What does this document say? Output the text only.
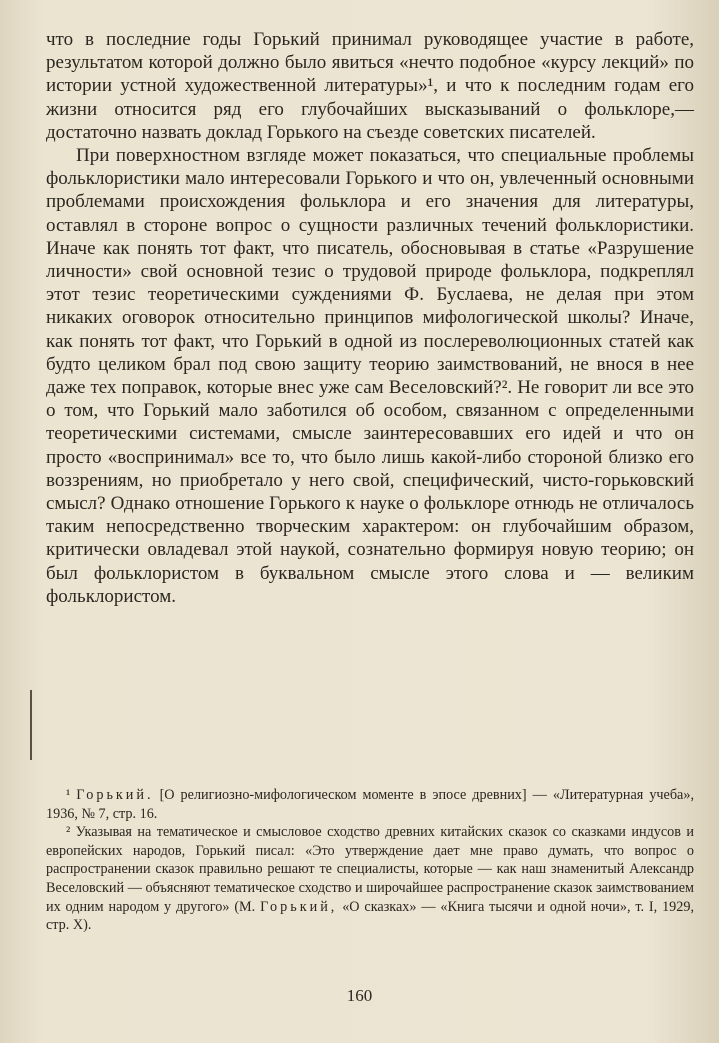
что в последние годы Горький принимал руководящее участие в работе, результатом которой должно было явиться «нечто подобное «курсу лекций» по истории устной художественной литературы»¹, и что к последним годам его жизни относится ряд его глубочайших высказываний о фольклоре,— достаточно назвать доклад Горького на съезде советских писателей.

При поверхностном взгляде может показаться, что специальные проблемы фольклористики мало интересовали Горького и что он, увлеченный основными проблемами происхождения фольклора и его значения для литературы, оставлял в стороне вопрос о сущности различных течений фольклористики. Иначе как понять тот факт, что писатель, обосновывая в статье «Разрушение личности» свой основной тезис о трудовой природе фольклора, подкреплял этот тезис теоретическими суждениями Ф. Буслаева, не делая при этом никаких оговорок относительно принципов мифологической школы? Иначе, как понять тот факт, что Горький в одной из послереволюционных статей как будто целиком брал под свою защиту теорию заимствований, не внося в нее даже тех поправок, которые внес уже сам Веселовский?². Не говорит ли все это о том, что Горький мало заботился об особом, связанном с определенными теоретическими системами, смысле заинтересовавших его идей и что он просто «воспринимал» все то, что было лишь какой-либо стороной близко его воззрениям, но приобретало у него свой, специфический, чисто-горьковский смысл? Однако отношение Горького к науке о фольклоре отнюдь не отличалось таким непосредственно творческим характером: он глубочайшим образом, критически овладевал этой наукой, сознательно формируя новую теорию; он был фольклористом в буквальном смысле этого слова и — великим фольклористом.

¹ Горький. [О религиозно-мифологическом моменте в эпосе древних] — «Литературная учеба», 1936, № 7, стр. 16.

² Указывая на тематическое и смысловое сходство древних китайских сказок со сказками индусов и европейских народов, Горький писал: «Это утверждение дает мне право думать, что вопрос о распространении сказок правильно решают те специалисты, которые — как наш знаменитый Александр Веселовский — объясняют тематическое сходство и широчайшее распространение сказок заимствованием их одним народом у другого» (М. Горький, «О сказках» — «Книга тысячи и одной ночи», т. I, 1929, стр. X).

160
